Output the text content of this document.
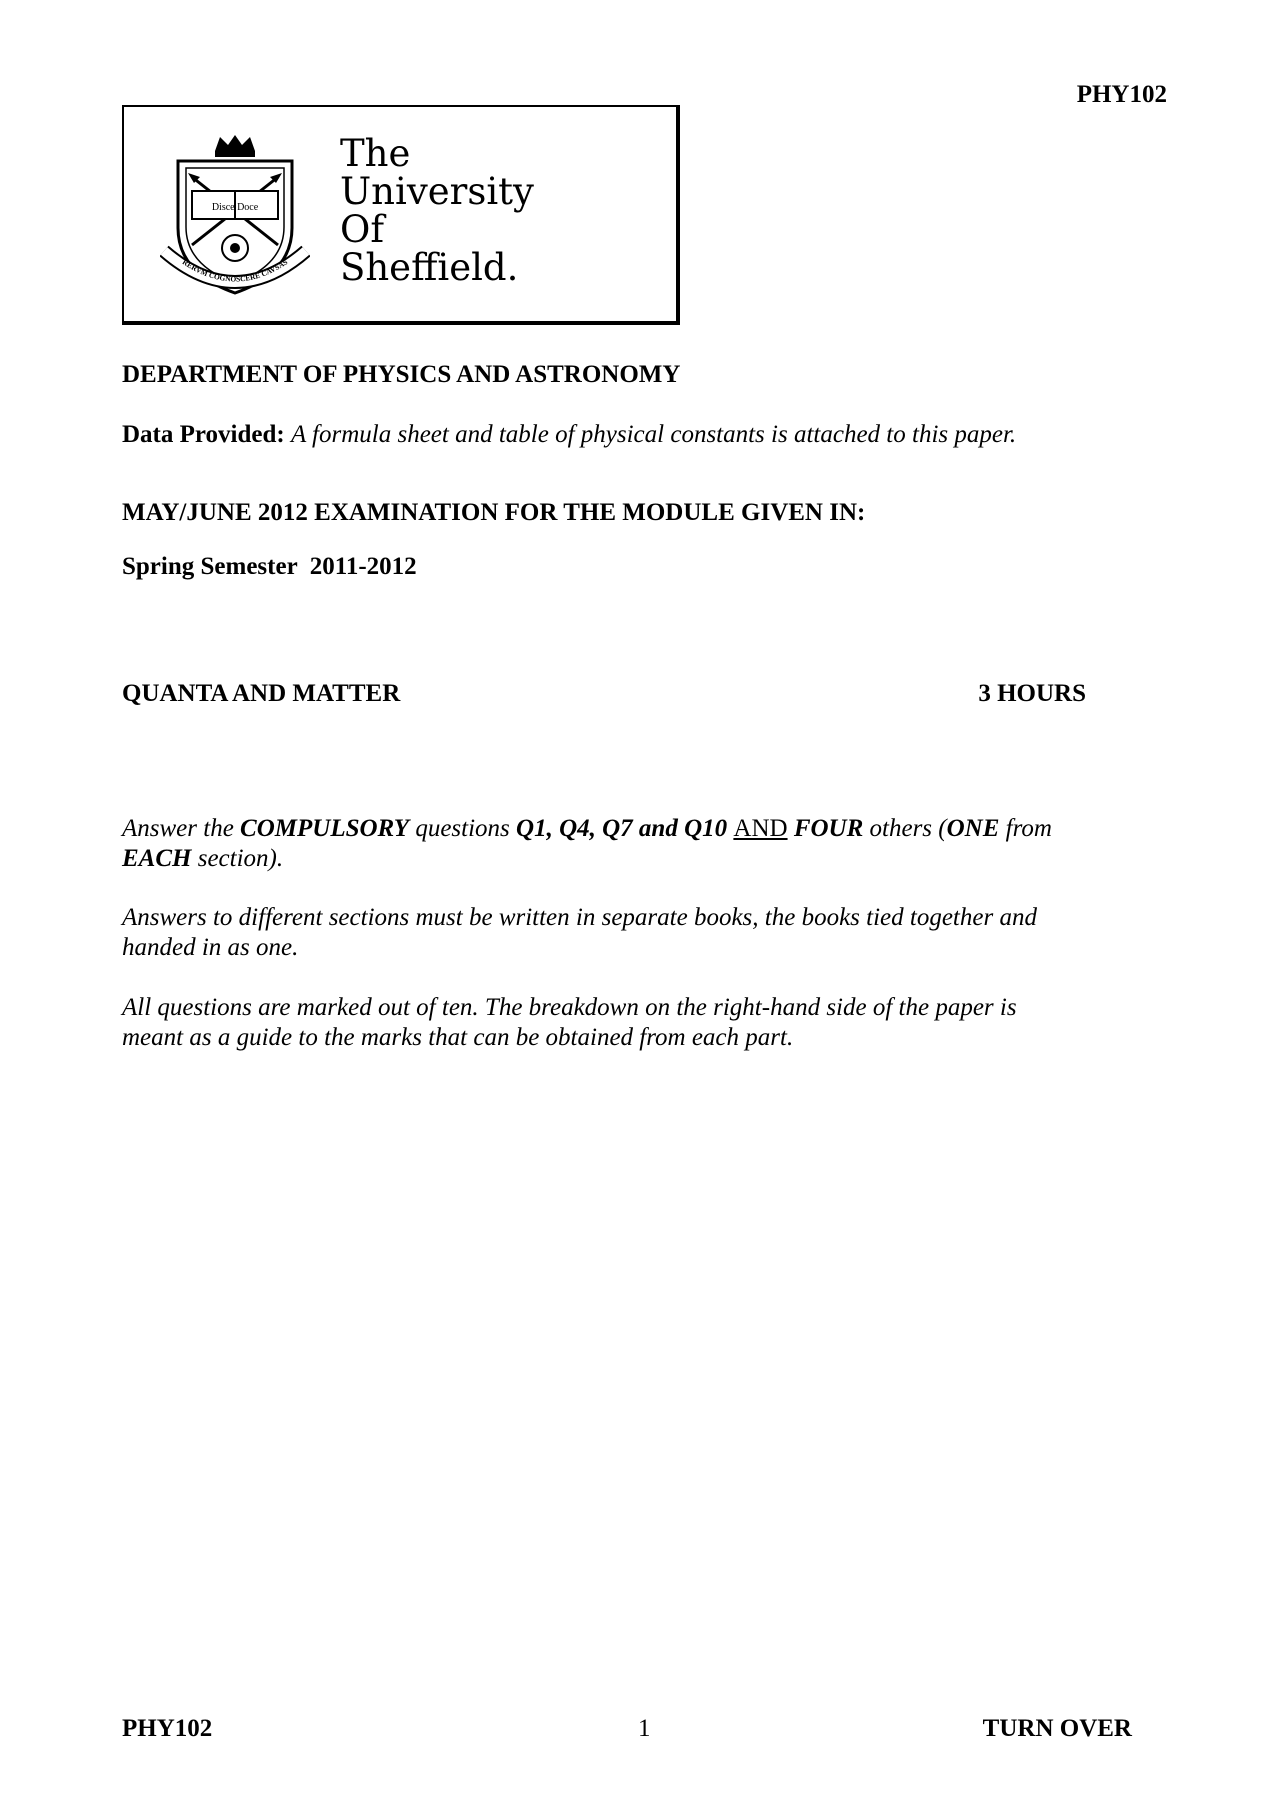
PHY102
Disce Doce
RERVM COGNOSCERE CAVSAS
The
University
Of
Sheffield.
DEPARTMENT OF PHYSICS AND ASTRONOMY
Data Provided: A formula sheet and table of physical constants is attached to this paper.
MAY/JUNE 2012 EXAMINATION FOR THE MODULE GIVEN IN:
Spring Semester  2011-2012
QUANTA AND MATTER	3 HOURS
Answer the COMPULSORY questions Q1, Q4, Q7 and Q10 AND FOUR others (ONE from EACH section).
Answers to different sections must be written in separate books, the books tied together and handed in as one.
All questions are marked out of ten. The breakdown on the right-hand side of the paper is meant as a guide to the marks that can be obtained from each part.
PHY102	1	TURN OVER
